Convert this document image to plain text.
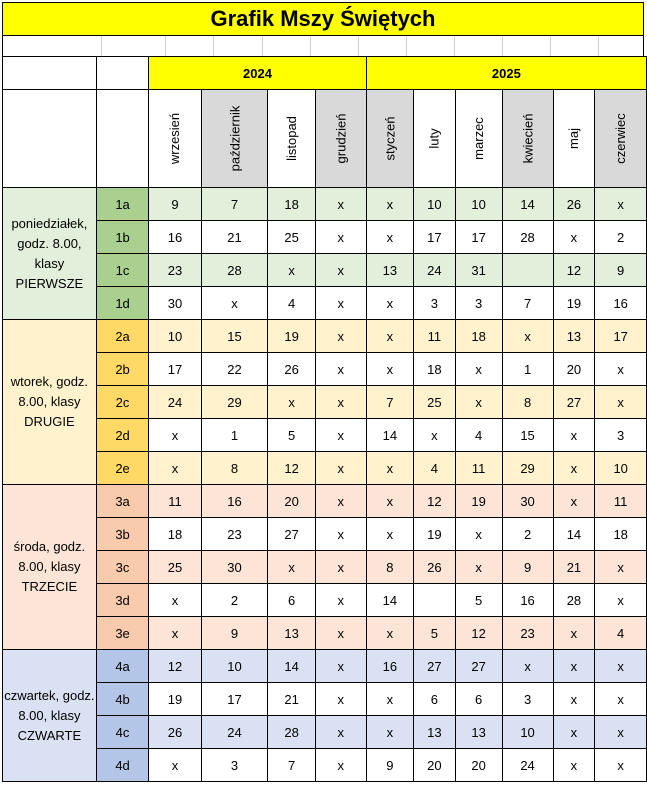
Grafik Mszy Świętych
		2024				2025					
		wrzesień	październik	listopad	grudzień	styczeń	luty	marzec	kwiecień	maj	czerwiec
poniedziałek, godz. 8.00, klasy PIERWSZE	1a	9	7	18	x	x	10	10	14	26	x
	1b	16	21	25	x	x	17	17	28	x	2
	1c	23	28	x	x	13	24	31		12	9
	1d	30	x	4	x	x	3	3	7	19	16
wtorek, godz. 8.00, klasy DRUGIE	2a	10	15	19	x	x	11	18	x	13	17
	2b	17	22	26	x	x	18	x	1	20	x
	2c	24	29	x	x	7	25	x	8	27	x
	2d	x	1	5	x	14	x	4	15	x	3
	2e	x	8	12	x	x	4	11	29	x	10
środa, godz. 8.00, klasy TRZECIE	3a	11	16	20	x	x	12	19	30	x	11
	3b	18	23	27	x	x	19	x	2	14	18
	3c	25	30	x	x	8	26	x	9	21	x
	3d	x	2	6	x	14		5	16	28	x
	3e	x	9	13	x	x	5	12	23	x	4
czwartek, godz. 8.00, klasy CZWARTE	4a	12	10	14	x	16	27	27	x	x	x
	4b	19	17	21	x	x	6	6	3	x	x
	4c	26	24	28	x	x	13	13	10	x	x
	4d	x	3	7	x	9	20	20	24	x	x
